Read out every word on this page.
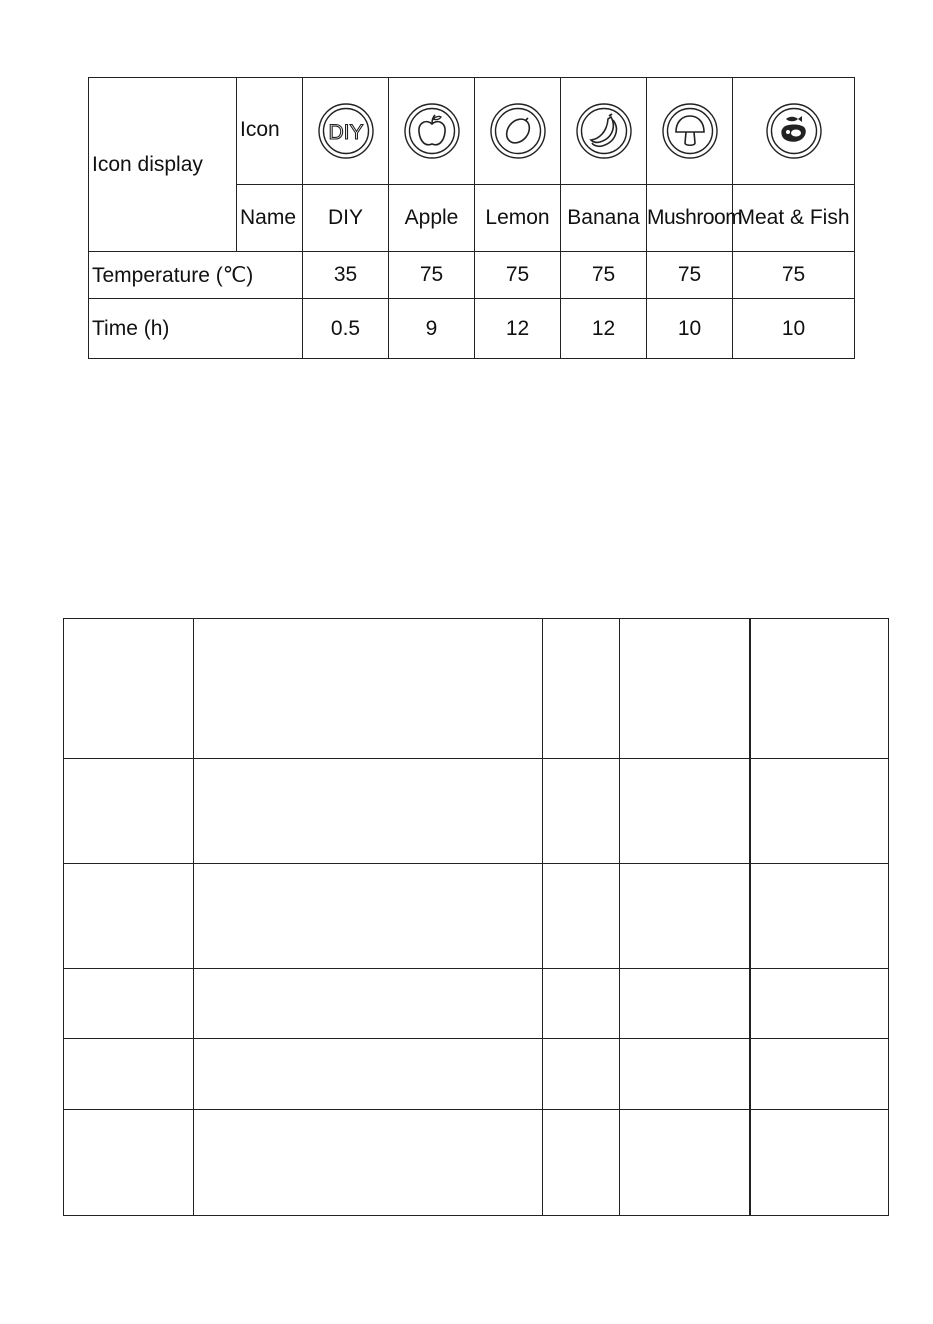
Icon display	Icon	DIY

	Name	DIY	Apple	Lemon	Banana	Mushroom	Meat & Fish
Temperature (℃)		35	75	75	75	75	75
Time (h)		0.5	9	12	12	10	10
